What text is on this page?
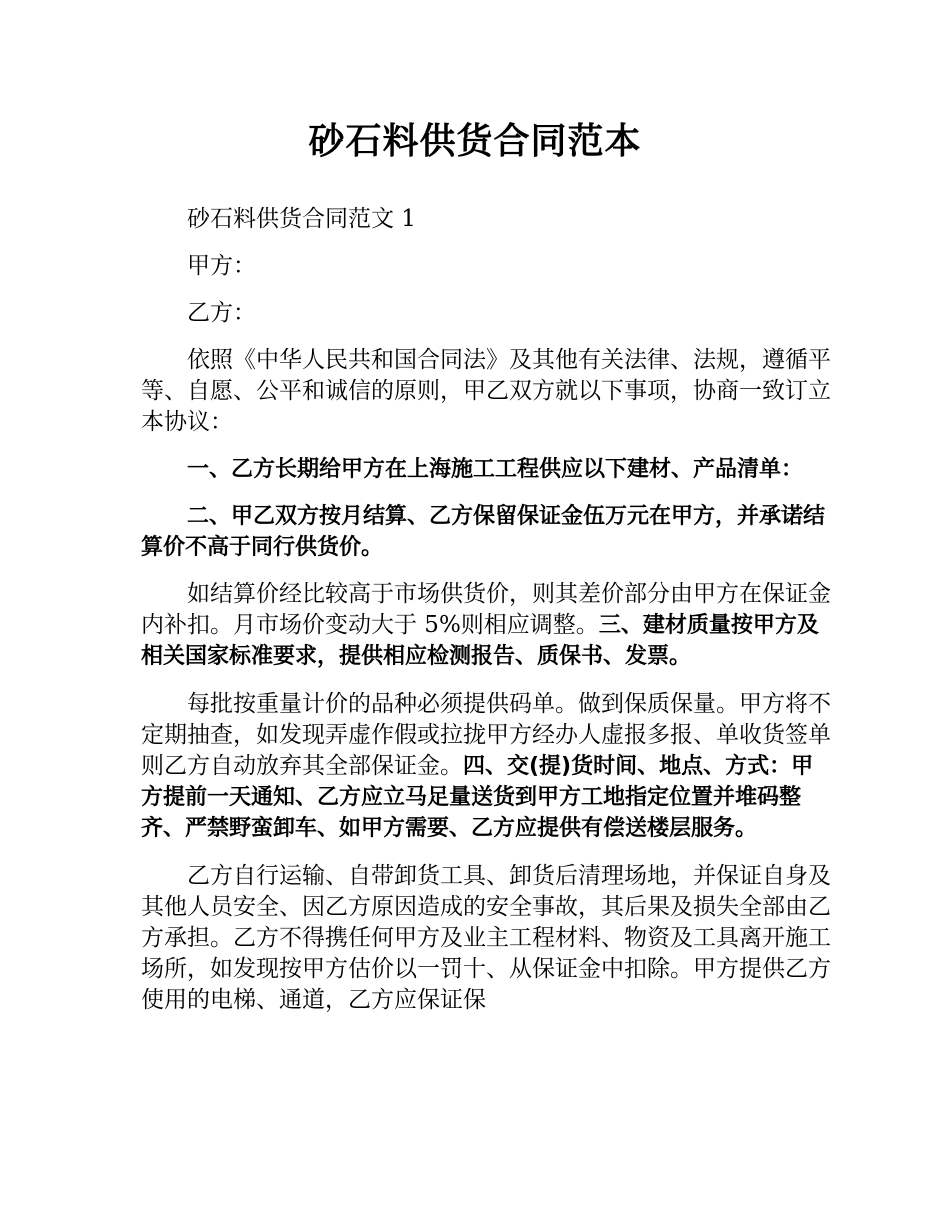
砂石料供货合同范本

砂石料供货合同范文 1

甲方：

乙方：

依照《中华人民共和国合同法》及其他有关法律、法规，遵循平等、自愿、公平和诚信的原则，甲乙双方就以下事项，协商一致订立本协议：

一、乙方长期给甲方在上海施工工程供应以下建材、产品清单：

二、甲乙双方按月结算、乙方保留保证金伍万元在甲方，并承诺结算价不高于同行供货价。

如结算价经比较高于市场供货价，则其差价部分由甲方在保证金内补扣。月市场价变动大于 5%则相应调整。三、建材质量按甲方及相关国家标准要求，提供相应检测报告、质保书、发票。

每批按重量计价的品种必须提供码单。做到保质保量。甲方将不定期抽查，如发现弄虚作假或拉拢甲方经办人虚报多报、单收货签单则乙方自动放弃其全部保证金。四、交(提)货时间、地点、方式：甲方提前一天通知、乙方应立马足量送货到甲方工地指定位置并堆码整齐、严禁野蛮卸车、如甲方需要、乙方应提供有偿送楼层服务。

乙方自行运输、自带卸货工具、卸货后清理场地，并保证自身及其他人员安全、因乙方原因造成的安全事故，其后果及损失全部由乙方承担。乙方不得携任何甲方及业主工程材料、物资及工具离开施工场所，如发现按甲方估价以一罚十、从保证金中扣除。甲方提供乙方使用的电梯、通道，乙方应保证保
